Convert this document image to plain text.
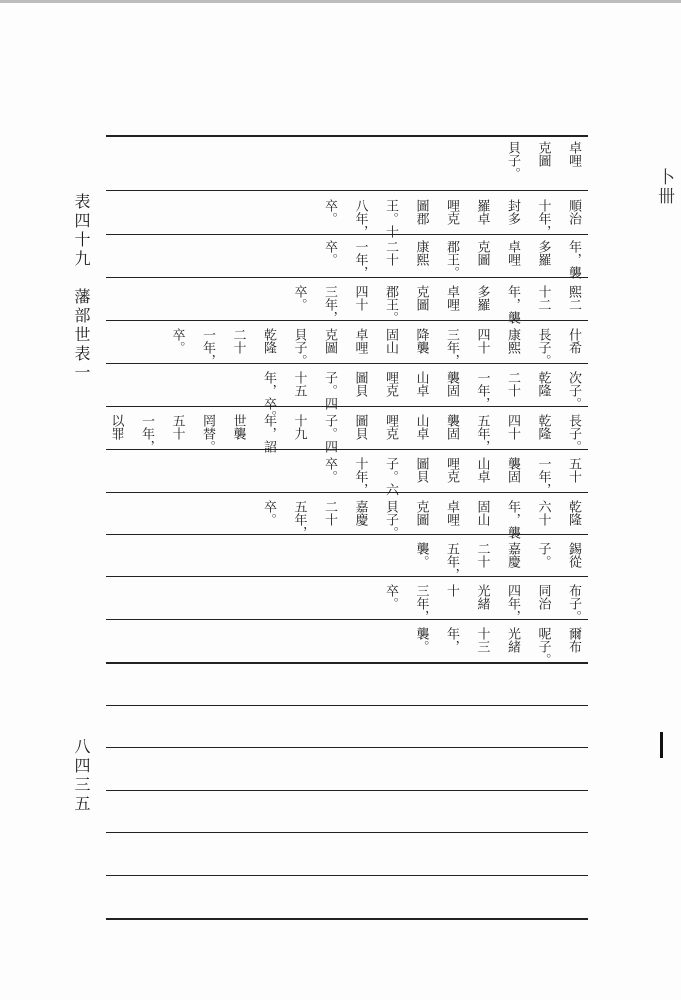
表四十九　藩部世表一
八四三五
卜卌
卓哩
克圖
貝子。
順治
十年，
封多
羅卓
哩克
圖郡
王。十
八年，
卒。
年，襲
多羅
卓哩
克圖
郡王。
康熙
二十
一年，
卒。
熙二
十二
年，襲
多羅
卓哩
克圖
郡王。
四十
三年，
卒。
什希
長子。
康熙
四十
三年，
降襲
固山
卓哩
克圖
貝子。
乾隆
二十
一年，
卒。
次子。
乾隆
二十
一年，
襲固
山卓
哩克
圖貝
子。四
十五
年，卒。
長子。
乾隆
四十
五年，
襲固
山卓
哩克
圖貝
子。四
十九
年，詔
世襲
罔替。
五十
一年，
以罪
五十
一年，
襲固
山卓
哩克
圖貝
子。六
十年，
卒。
乾隆
六十
年，襲
固山
卓哩
克圖
貝子。
嘉慶
二十
五年，
卒。
錫從
子。
嘉慶
二十
五年，
襲。
布子。
同治
四年，
光緒
十
三年，
卒。
爾布
呢子。
光緒
十三
年，
襲。
